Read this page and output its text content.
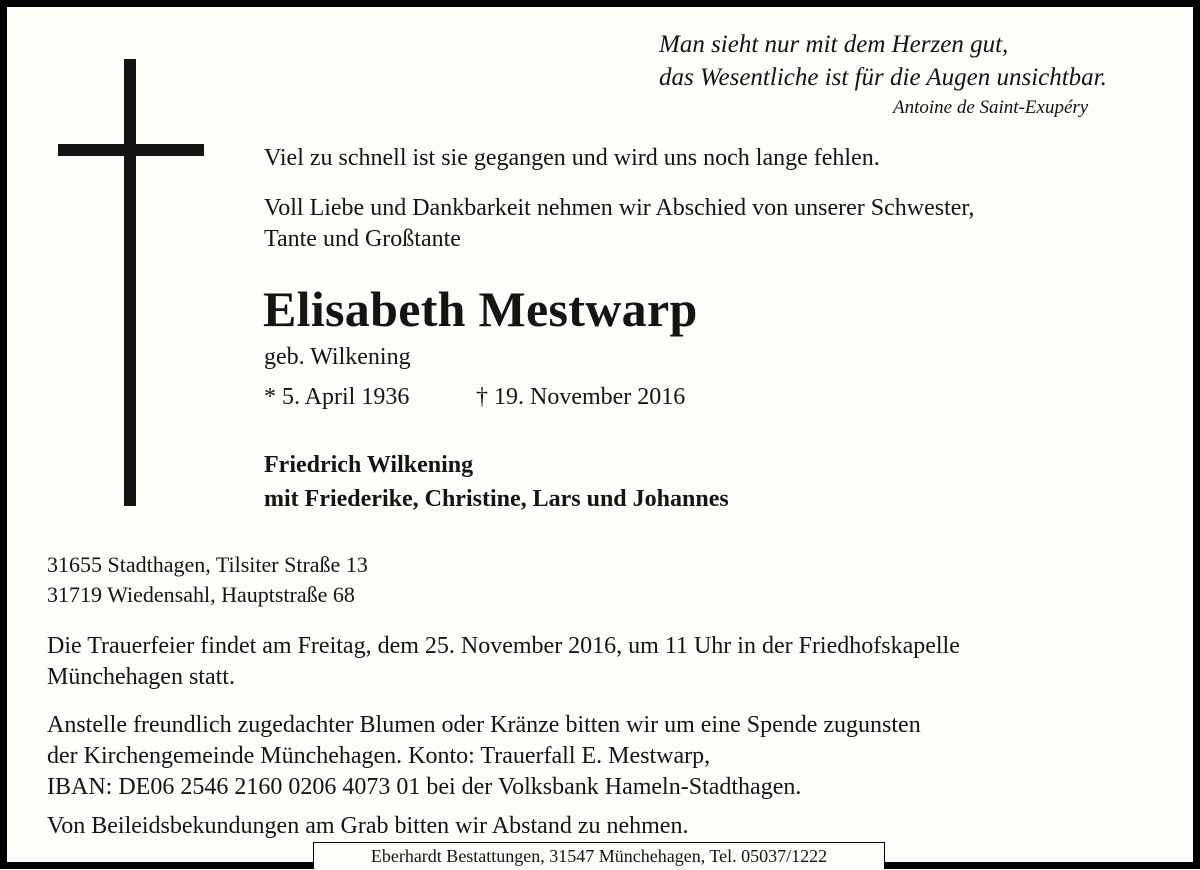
Man sieht nur mit dem Herzen gut,
das Wesentliche ist für die Augen unsichtbar.
Antoine de Saint-Exupéry
Viel zu schnell ist sie gegangen und wird uns noch lange fehlen.
Voll Liebe und Dankbarkeit nehmen wir Abschied von unserer Schwester,
Tante und Großtante
Elisabeth Mestwarp
geb. Wilkening
* 5. April 1936	† 19. November 2016
Friedrich Wilkening
mit Friederike, Christine, Lars und Johannes
31655 Stadthagen, Tilsiter Straße 13
31719 Wiedensahl, Hauptstraße 68
Die Trauerfeier findet am Freitag, dem 25. November 2016, um 11 Uhr in der Friedhofskapelle
Münchehagen statt.
Anstelle freundlich zugedachter Blumen oder Kränze bitten wir um eine Spende zugunsten
der Kirchengemeinde Münchehagen. Konto: Trauerfall E. Mestwarp,
IBAN: DE06 2546 2160 0206 4073 01 bei der Volksbank Hameln-Stadthagen.
Von Beileidsbekundungen am Grab bitten wir Abstand zu nehmen.
Eberhardt Bestattungen, 31547 Münchehagen, Tel. 05037/1222
